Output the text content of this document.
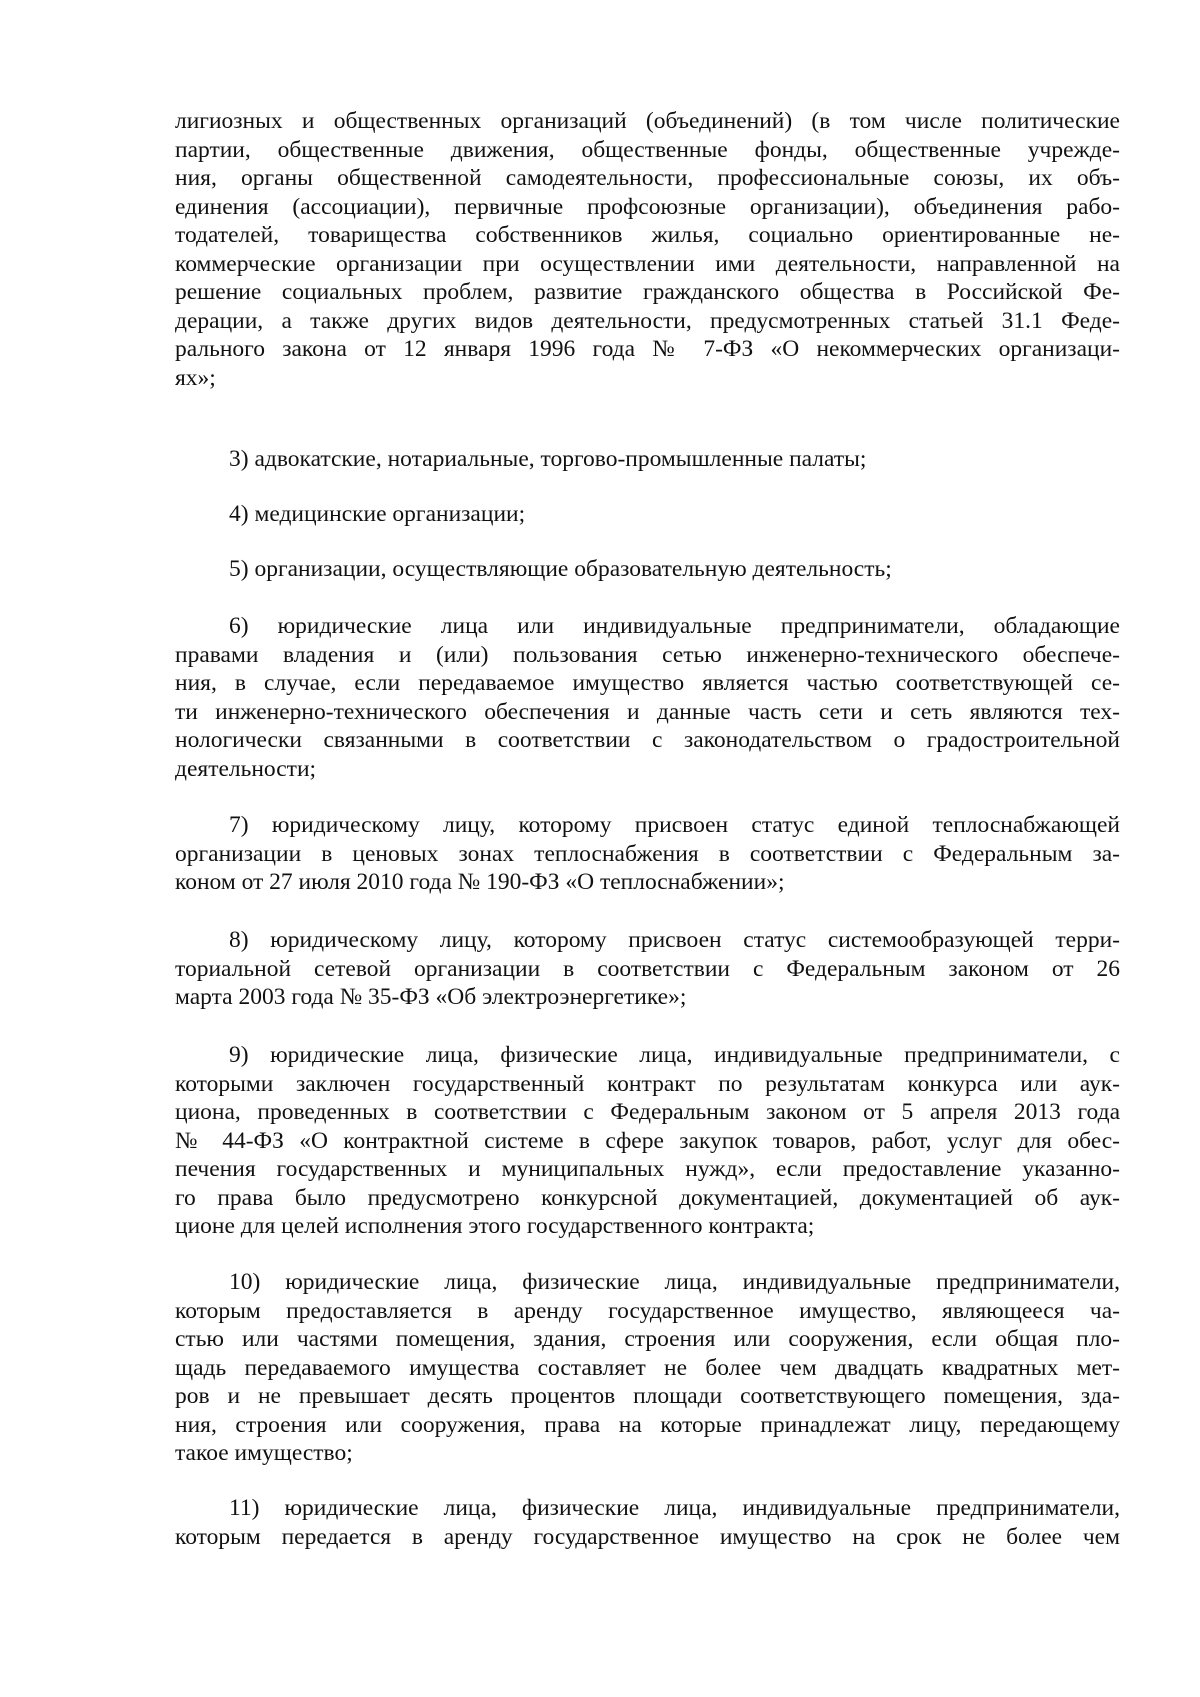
лигиозных и общественных организаций (объединений) (в том числе политические
партии, общественные движения, общественные фонды, общественные учрежде-
ния, органы общественной самодеятельности, профессиональные союзы, их объ-
единения (ассоциации), первичные профсоюзные организации), объединения рабо-
тодателей, товарищества собственников жилья, социально ориентированные не-
коммерческие организации при осуществлении ими деятельности, направленной на
решение социальных проблем, развитие гражданского общества в Российской Фе-
дерации, а также других видов деятельности, предусмотренных статьей 31.1 Феде-
рального закона от 12 января 1996 года № 7-ФЗ «О некоммерческих организаци-
ях»;
3) адвокатские, нотариальные, торгово-промышленные палаты;
4) медицинские организации;
5) организации, осуществляющие образовательную деятельность;
6) юридические лица или индивидуальные предприниматели, обладающие
правами владения и (или) пользования сетью инженерно-технического обеспече-
ния, в случае, если передаваемое имущество является частью соответствующей се-
ти инженерно-технического обеспечения и данные часть сети и сеть являются тех-
нологически связанными в соответствии с законодательством о градостроительной
деятельности;
7) юридическому лицу, которому присвоен статус единой теплоснабжающей
организации в ценовых зонах теплоснабжения в соответствии с Федеральным за-
коном от 27 июля 2010 года № 190-ФЗ «О теплоснабжении»;
8) юридическому лицу, которому присвоен статус системообразующей терри-
ториальной сетевой организации в соответствии с Федеральным законом от 26
марта 2003 года № 35-ФЗ «Об электроэнергетике»;
9) юридические лица, физические лица, индивидуальные предприниматели, с
которыми заключен государственный контракт по результатам конкурса или аук-
циона, проведенных в соответствии с Федеральным законом от 5 апреля 2013 года
№ 44-ФЗ «О контрактной системе в сфере закупок товаров, работ, услуг для обес-
печения государственных и муниципальных нужд», если предоставление указанно-
го права было предусмотрено конкурсной документацией, документацией об аук-
ционе для целей исполнения этого государственного контракта;
10) юридические лица, физические лица, индивидуальные предприниматели,
которым предоставляется в аренду государственное имущество, являющееся ча-
стью или частями помещения, здания, строения или сооружения, если общая пло-
щадь передаваемого имущества составляет не более чем двадцать квадратных мет-
ров и не превышает десять процентов площади соответствующего помещения, зда-
ния, строения или сооружения, права на которые принадлежат лицу, передающему
такое имущество;
11) юридические лица, физические лица, индивидуальные предприниматели,
которым передается в аренду государственное имущество на срок не более чем
